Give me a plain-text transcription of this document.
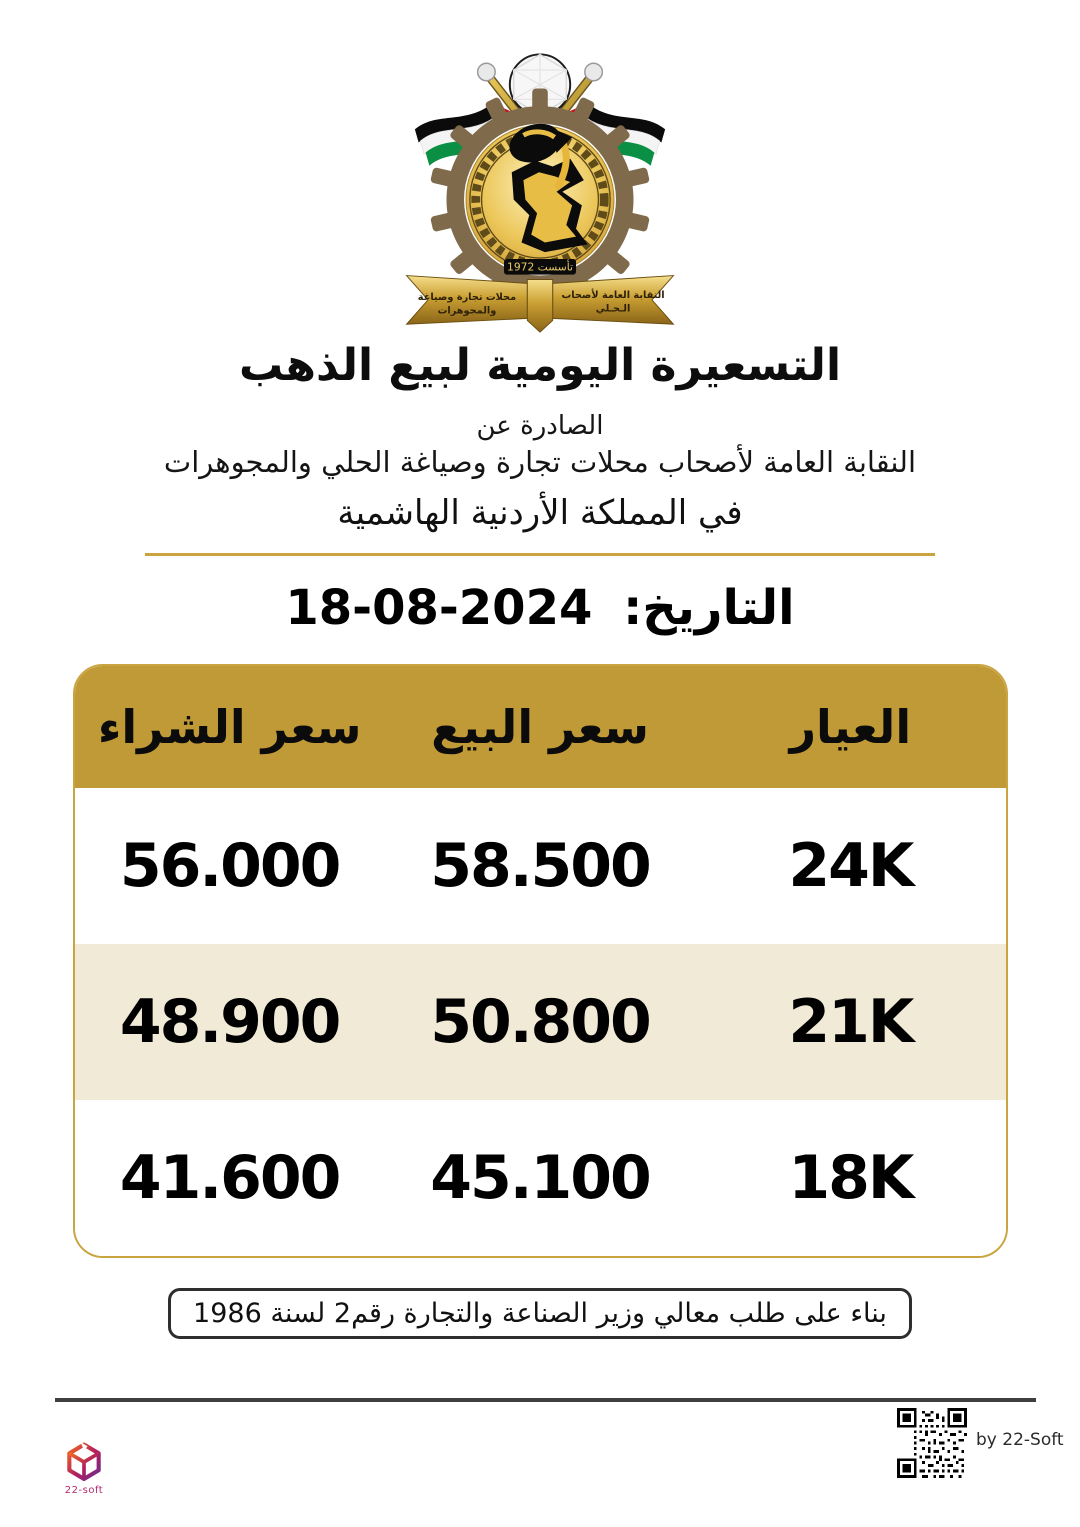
تأسست 1972
النقابة العامة لأصحاب
الـحـلي
محلات تجارة وصياغة
والمجوهرات
التسعيرة اليومية لبيع الذهب
الصادرة عن
النقابة العامة لأصحاب محلات تجارة وصياغة الحلي والمجوهرات
في المملكة الأردنية الهاشمية
التاريخ: 18-08-2024
العيار
سعر البيع
سعر الشراء
24K
58.500
56.000
21K
50.800
48.900
18K
45.100
41.600
بناء على طلب معالي وزير الصناعة والتجارة رقم2 لسنة 1986
22-soft
by 22-Soft
